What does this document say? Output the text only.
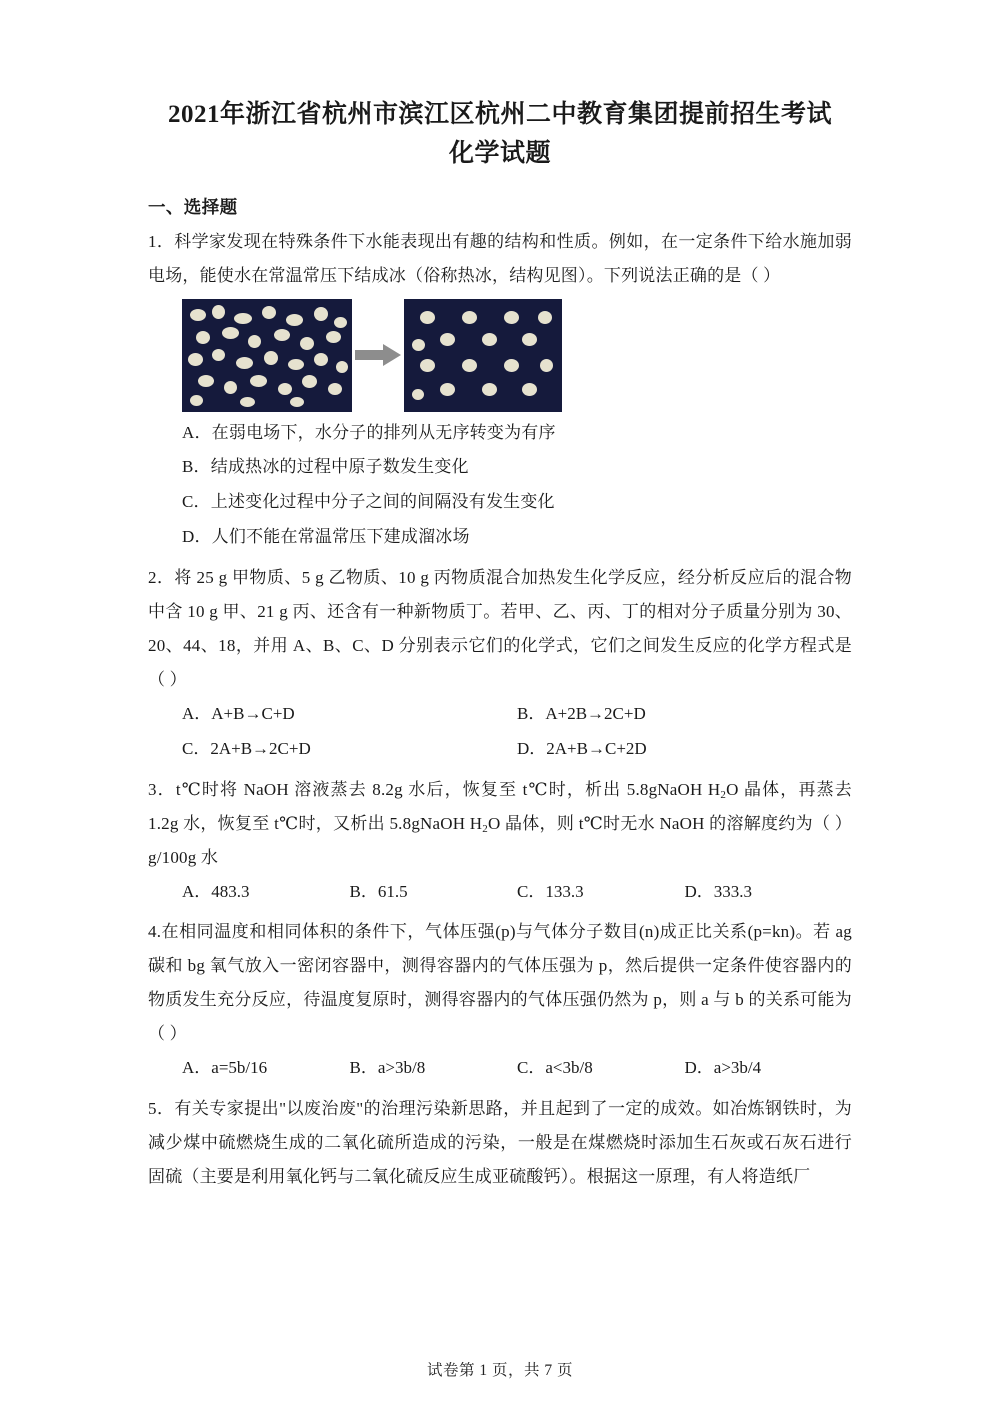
2021年浙江省杭州市滨江区杭州二中教育集团提前招生考试
化学试题
一、选择题
1．科学家发现在特殊条件下水能表现出有趣的结构和性质。例如，在一定条件下给水施加弱电场，能使水在常温常压下结成冰（俗称热冰，结构见图）。下列说法正确的是（ ）
A．在弱电场下，水分子的排列从无序转变为有序
B．结成热冰的过程中原子数发生变化
C．上述变化过程中分子之间的间隔没有发生变化
D．人们不能在常温常压下建成溜冰场
2．将 25 g 甲物质、5 g 乙物质、10 g 丙物质混合加热发生化学反应，经分析反应后的混合物中含 10 g 甲、21 g 丙、还含有一种新物质丁。若甲、乙、丙、丁的相对分子质量分别为 30、20、44、18，并用 A、B、C、D 分别表示它们的化学式，它们之间发生反应的化学方程式是（ ）
A．A+B→C+D	B．A+2B→2C+D
C．2A+B→2C+D	D．2A+B→C+2D
3．t℃时将 NaOH 溶液蒸去 8.2g 水后，恢复至 t℃时，析出 5.8gNaOH $H_2O$ 晶体，再蒸去 1.2g 水，恢复至 t℃时，又析出 5.8gNaOH $H_2O$ 晶体，则 t℃时无水 NaOH 的溶解度约为（ ）g/100g 水
A．483.3	B．61.5	C．133.3	D．333.3
4.在相同温度和相同体积的条件下，气体压强(p)与气体分子数目(n)成正比关系(p=kn)。若 ag 碳和 bg 氧气放入一密闭容器中，测得容器内的气体压强为 p，然后提供一定条件使容器内的物质发生充分反应，待温度复原时，测得容器内的气体压强仍然为 p，则 a 与 b 的关系可能为（ ）
A．a=5b/16	B．a>3b/8	C．a<3b/8	D．a>3b/4
5．有关专家提出"以废治废"的治理污染新思路，并且起到了一定的成效。如冶炼钢铁时，为减少煤中硫燃烧生成的二氧化硫所造成的污染，一般是在煤燃烧时添加生石灰或石灰石进行固硫（主要是利用氧化钙与二氧化硫反应生成亚硫酸钙）。根据这一原理，有人将造纸厂
试卷第 1 页，共 7 页
